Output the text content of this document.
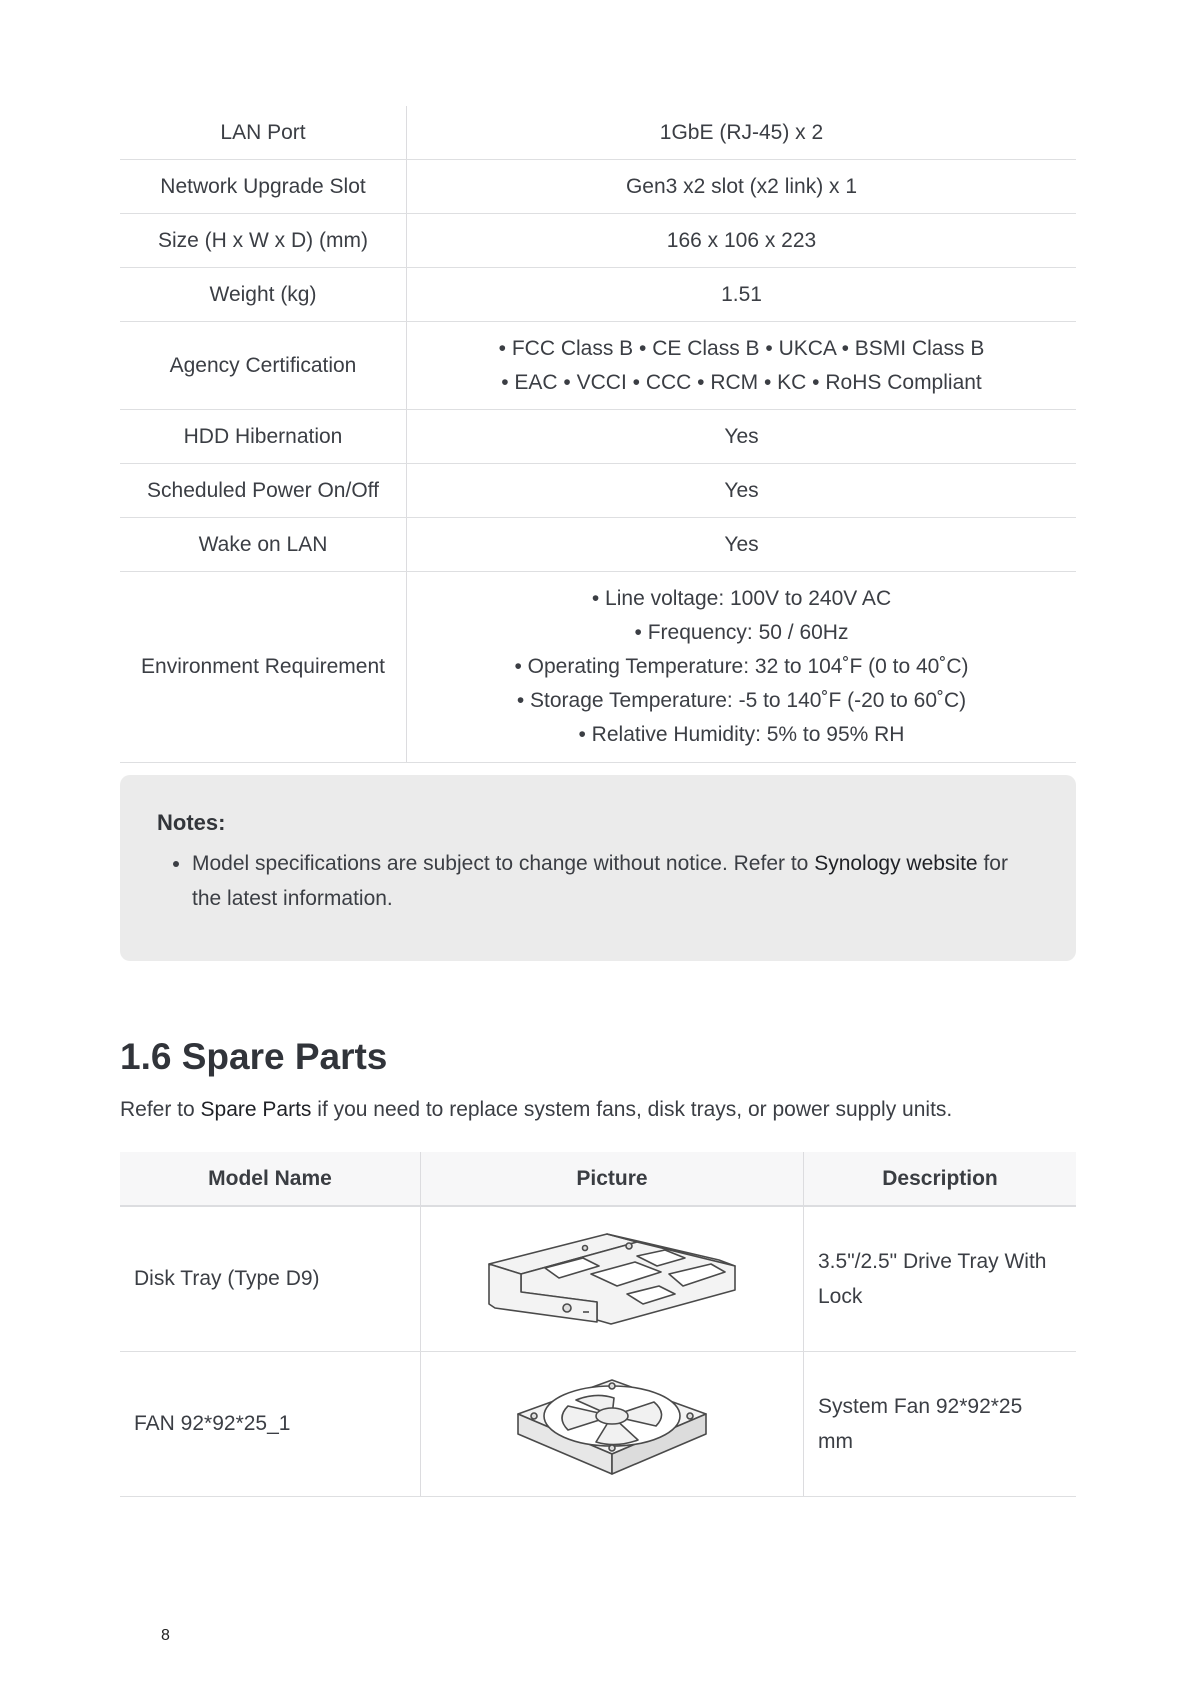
LAN Port	1GbE (RJ-45) x 2

Network Upgrade Slot	Gen3 x2 slot (x2 link) x 1

Size (H x W x D) (mm)	166 x 106 x 223

Weight (kg)	1.51

Agency Certification	• FCC Class B • CE Class B • UKCA • BSMI Class B
• EAC • VCCI • CCC • RCM • KC • RoHS Compliant

HDD Hibernation	Yes

Scheduled Power On/Off	Yes

Wake on LAN	Yes

Environment Requirement	• Line voltage: 100V to 240V AC
• Frequency: 50 / 60Hz
• Operating Temperature: 32 to 104˚F (0 to 40˚C)
• Storage Temperature: -5 to 140˚F (-20 to 60˚C)
• Relative Humidity: 5% to 95% RH
Notes:
• Model specifications are subject to change without notice. Refer to Synology website for the latest information.
1.6 Spare Parts
Refer to Spare Parts if you need to replace system fans, disk trays, or power supply units.
Model Name	Picture	Description
Disk Tray (Type D9)		3.5"/2.5" Drive Tray With Lock
FAN 92*92*25_1		System Fan 92*92*25 mm
8
